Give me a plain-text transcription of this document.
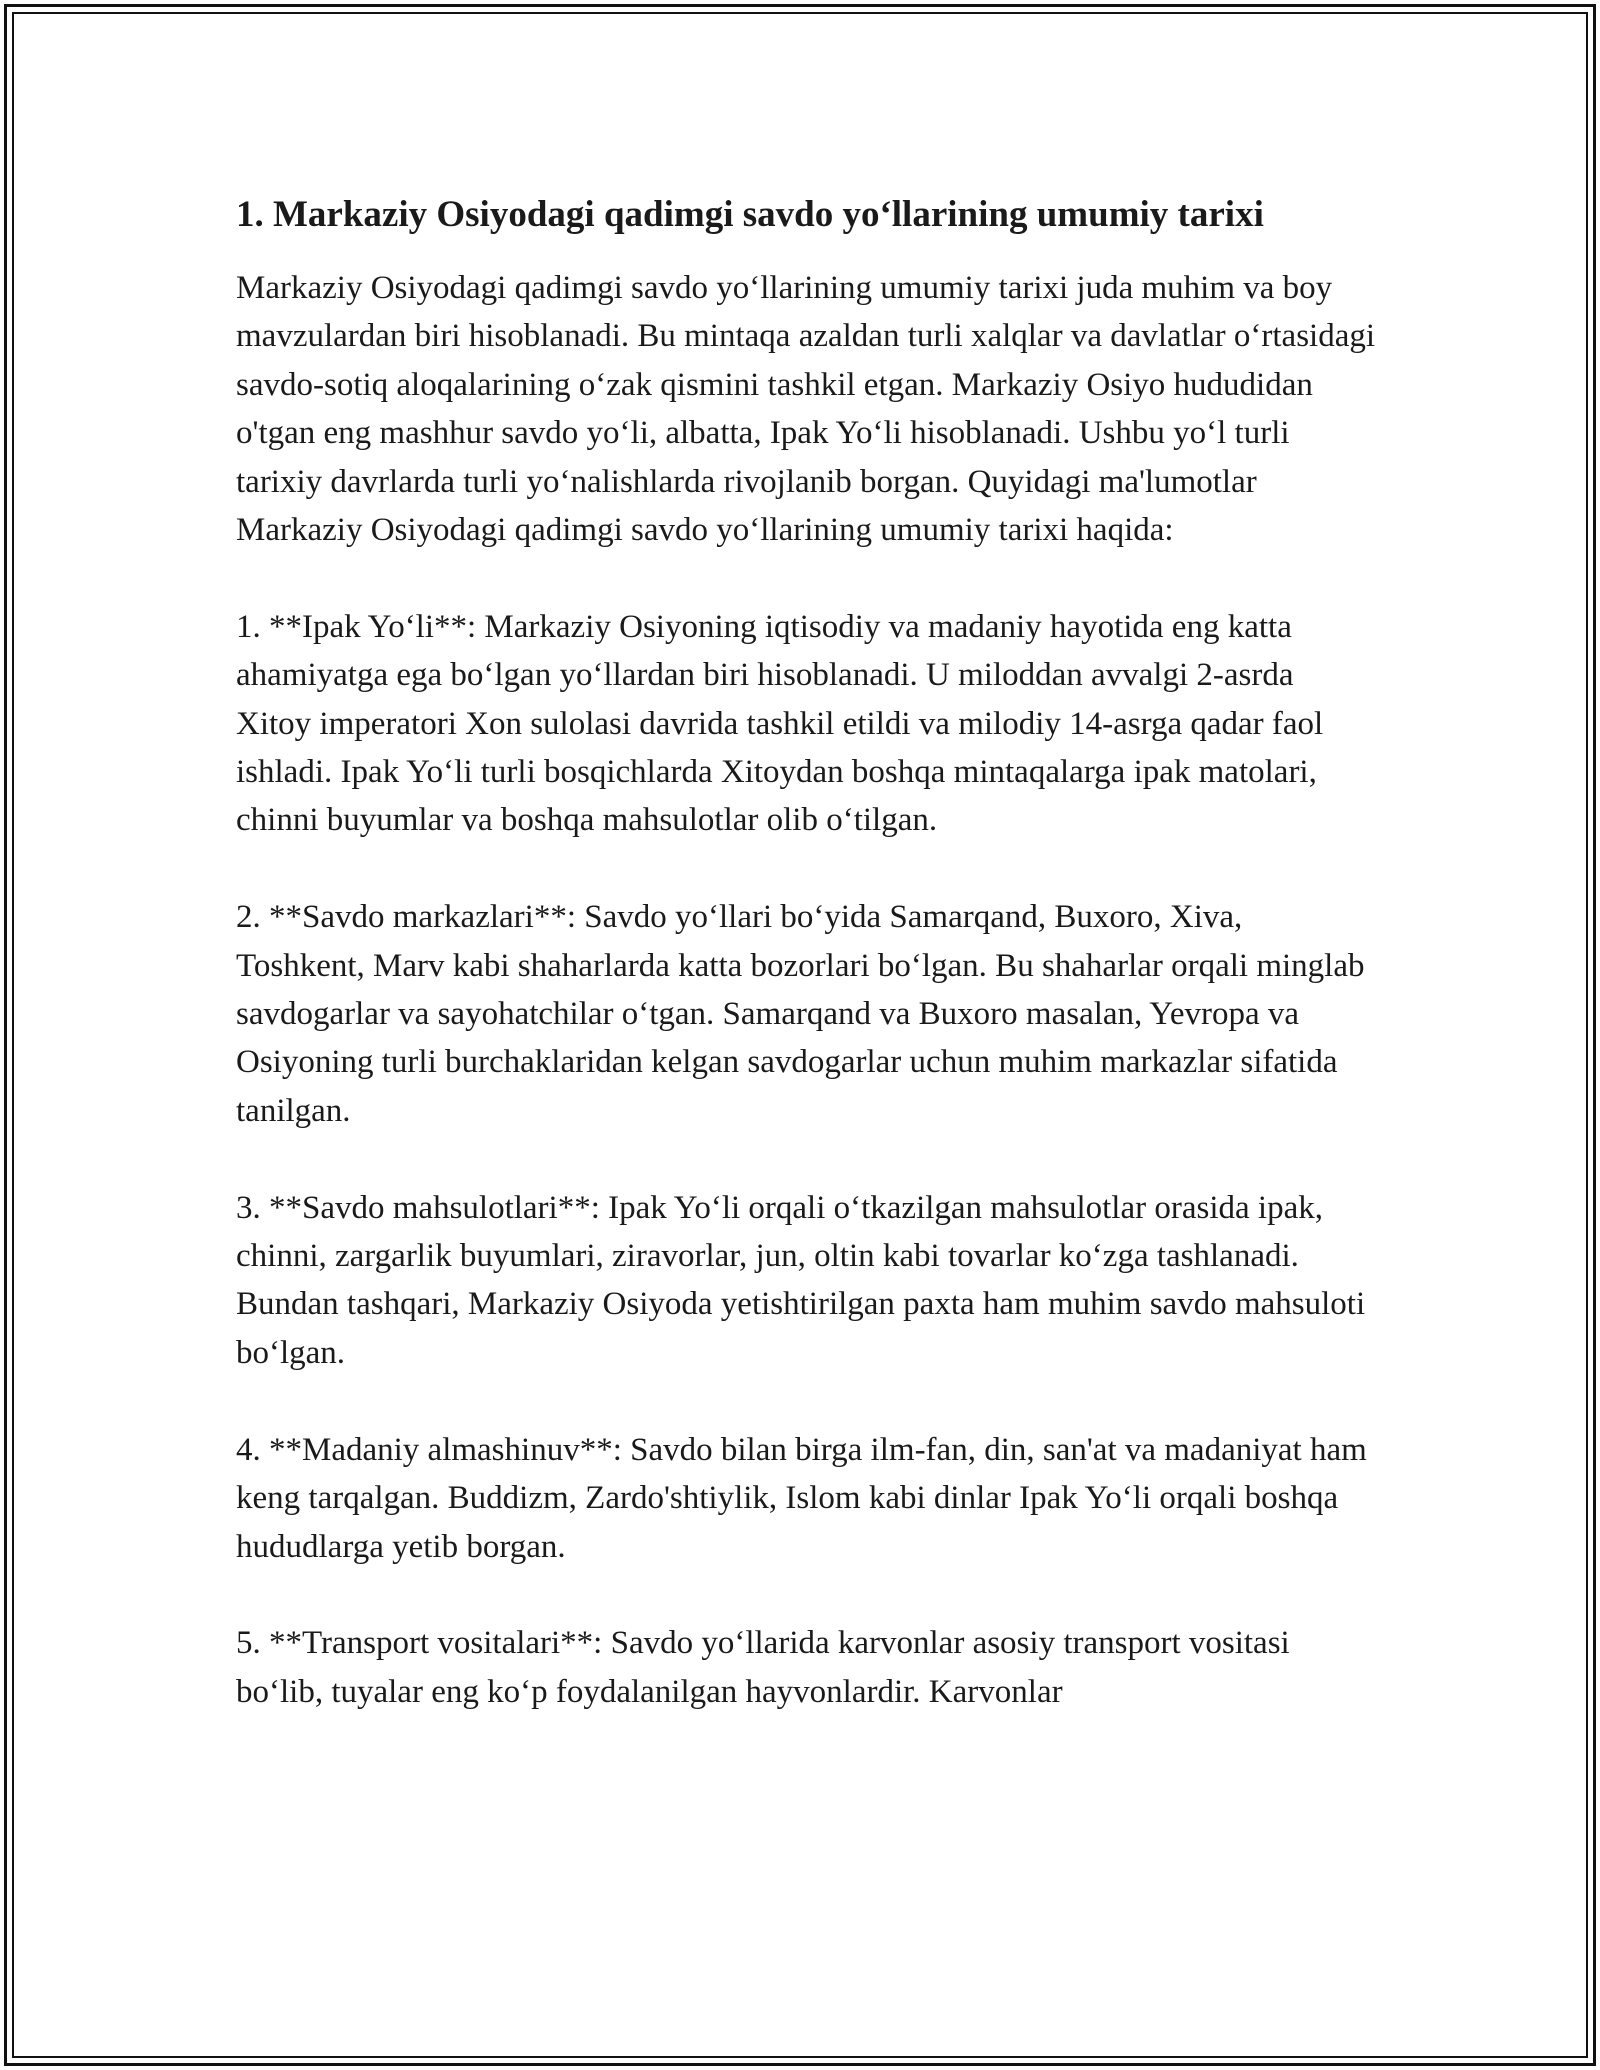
1. Markaziy Osiyodagi qadimgi savdo yo‘llarining umumiy tarixi

Markaziy Osiyodagi qadimgi savdo yo‘llarining umumiy tarixi juda muhim va boy mavzulardan biri hisoblanadi. Bu mintaqa azaldan turli xalqlar va davlatlar o‘rtasidagi savdo-sotiq aloqalarining o‘zak qismini tashkil etgan. Markaziy Osiyo hududidan o'tgan eng mashhur savdo yo‘li, albatta, Ipak Yo‘li hisoblanadi. Ushbu yo‘l turli tarixiy davrlarda turli yo‘nalishlarda rivojlanib borgan. Quyidagi ma'lumotlar Markaziy Osiyodagi qadimgi savdo yo‘llarining umumiy tarixi haqida:

1. **Ipak Yo‘li**: Markaziy Osiyoning iqtisodiy va madaniy hayotida eng katta ahamiyatga ega bo‘lgan yo‘llardan biri hisoblanadi. U miloddan avvalgi 2-asrda Xitoy imperatori Xon sulolasi davrida tashkil etildi va milodiy 14-asrga qadar faol ishladi. Ipak Yo‘li turli bosqichlarda Xitoydan boshqa mintaqalarga ipak matolari, chinni buyumlar va boshqa mahsulotlar olib o‘tilgan.

2. **Savdo markazlari**: Savdo yo‘llari bo‘yida Samarqand, Buxoro, Xiva, Toshkent, Marv kabi shaharlarda katta bozorlari bo‘lgan. Bu shaharlar orqali minglab savdogarlar va sayohatchilar o‘tgan. Samarqand va Buxoro masalan, Yevropa va Osiyoning turli burchaklaridan kelgan savdogarlar uchun muhim markazlar sifatida tanilgan.

3. **Savdo mahsulotlari**: Ipak Yo‘li orqali o‘tkazilgan mahsulotlar orasida ipak, chinni, zargarlik buyumlari, ziravorlar, jun, oltin kabi tovarlar ko‘zga tashlanadi. Bundan tashqari, Markaziy Osiyoda yetishtirilgan paxta ham muhim savdo mahsuloti bo‘lgan.

4. **Madaniy almashinuv**: Savdo bilan birga ilm-fan, din, san'at va madaniyat ham keng tarqalgan. Buddizm, Zardo'shtiylik, Islom kabi dinlar Ipak Yo‘li orqali boshqa hududlarga yetib borgan.

5. **Transport vositalari**: Savdo yo‘llarida karvonlar asosiy transport vositasi bo‘lib, tuyalar eng ko‘p foydalanilgan hayvonlardir. Karvonlar
